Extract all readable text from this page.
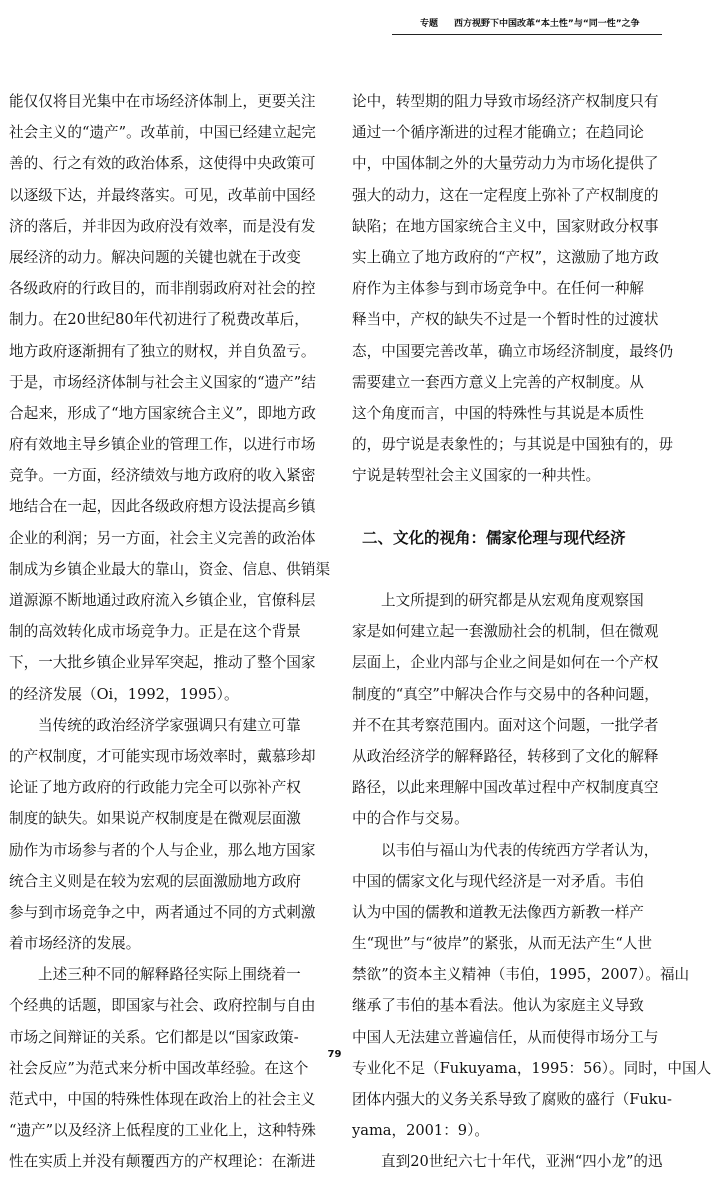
专题 西方视野下中国改革“本土性”与“同一性”之争
能仅仅将目光集中在市场经济体制上，更要关注
社会主义的“遗产”。改革前，中国已经建立起完
善的、行之有效的政治体系，这使得中央政策可
以逐级下达，并最终落实。可见，改革前中国经
济的落后，并非因为政府没有效率，而是没有发
展经济的动力。解决问题的关键也就在于改变
各级政府的行政目的，而非削弱政府对社会的控
制力。在20世纪80年代初进行了税费改革后，
地方政府逐渐拥有了独立的财权，并自负盈亏。
于是，市场经济体制与社会主义国家的“遗产”结
合起来，形成了“地方国家统合主义”，即地方政
府有效地主导乡镇企业的管理工作，以进行市场
竞争。一方面，经济绩效与地方政府的收入紧密
地结合在一起，因此各级政府想方设法提高乡镇
企业的利润；另一方面，社会主义完善的政治体
制成为乡镇企业最大的靠山，资金、信息、供销渠
道源源不断地通过政府流入乡镇企业，官僚科层
制的高效转化成市场竞争力。正是在这个背景
下，一大批乡镇企业异军突起，推动了整个国家
的经济发展（Oi，1992，1995）。
当传统的政治经济学家强调只有建立可靠
的产权制度，才可能实现市场效率时，戴慕珍却
论证了地方政府的行政能力完全可以弥补产权
制度的缺失。如果说产权制度是在微观层面激
励作为市场参与者的个人与企业，那么地方国家
统合主义则是在较为宏观的层面激励地方政府
参与到市场竞争之中，两者通过不同的方式刺激
着市场经济的发展。
上述三种不同的解释路径实际上围绕着一
个经典的话题，即国家与社会、政府控制与自由
市场之间辩证的关系。它们都是以“国家政策-
社会反应”为范式来分析中国改革经验。在这个
范式中，中国的特殊性体现在政治上的社会主义
“遗产”以及经济上低程度的工业化上，这种特殊
性在实质上并没有颠覆西方的产权理论：在渐进
论中，转型期的阻力导致市场经济产权制度只有
通过一个循序渐进的过程才能确立；在趋同论
中，中国体制之外的大量劳动力为市场化提供了
强大的动力，这在一定程度上弥补了产权制度的
缺陷；在地方国家统合主义中，国家财政分权事
实上确立了地方政府的“产权”，这激励了地方政
府作为主体参与到市场竞争中。在任何一种解
释当中，产权的缺失不过是一个暂时性的过渡状
态，中国要完善改革，确立市场经济制度，最终仍
需要建立一套西方意义上完善的产权制度。从
这个角度而言，中国的特殊性与其说是本质性
的，毋宁说是表象性的；与其说是中国独有的，毋
宁说是转型社会主义国家的一种共性。
二、文化的视角：儒家伦理与现代经济
上文所提到的研究都是从宏观角度观察国
家是如何建立起一套激励社会的机制，但在微观
层面上，企业内部与企业之间是如何在一个产权
制度的“真空”中解决合作与交易中的各种问题，
并不在其考察范围内。面对这个问题，一批学者
从政治经济学的解释路径，转移到了文化的解释
路径，以此来理解中国改革过程中产权制度真空
中的合作与交易。
以韦伯与福山为代表的传统西方学者认为，
中国的儒家文化与现代经济是一对矛盾。韦伯
认为中国的儒教和道教无法像西方新教一样产
生“现世”与“彼岸”的紧张，从而无法产生“人世
禁欲”的资本主义精神（韦伯，1995，2007）。福山
继承了韦伯的基本看法。他认为家庭主义导致
中国人无法建立普遍信任，从而使得市场分工与
专业化不足（Fukuyama，1995：56）。同时，中国人
团体内强大的义务关系导致了腐败的盛行（Fuku-
yama，2001：9）。
直到20世纪六七十年代，亚洲“四小龙”的迅
79
